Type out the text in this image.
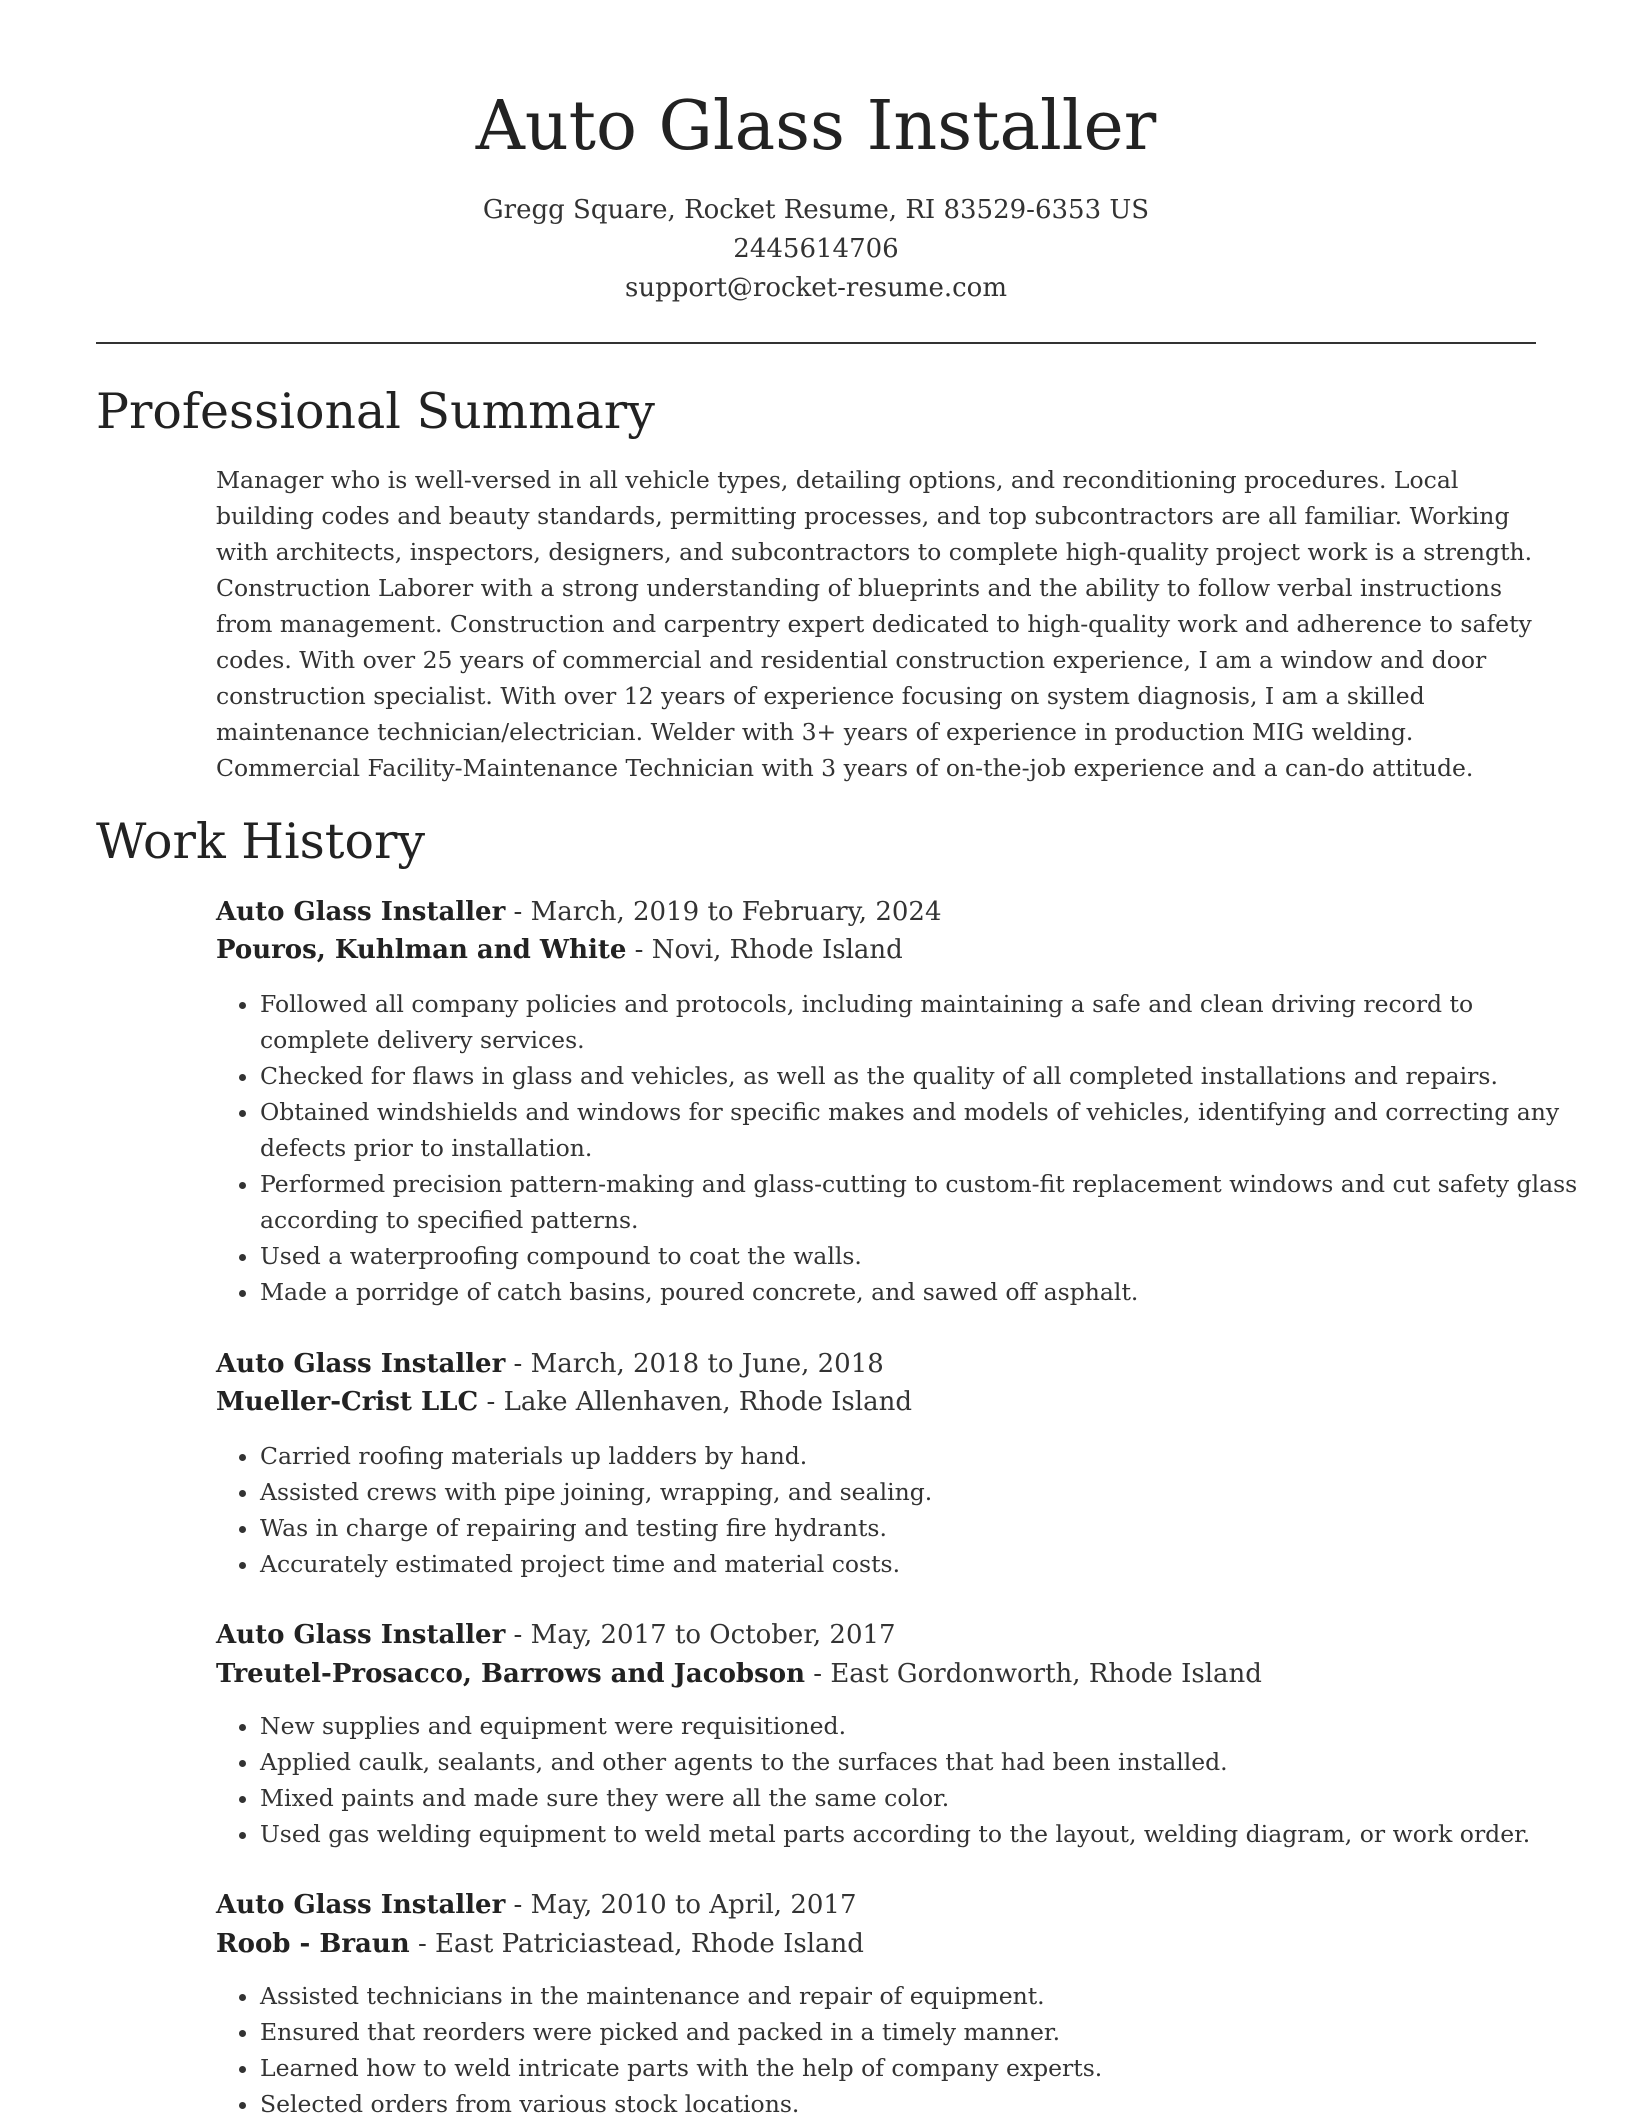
Auto Glass Installer
Gregg Square, Rocket Resume, RI 83529-6353 US
2445614706
support@rocket-resume.com
Professional Summary

Manager who is well-versed in all vehicle types, detailing options, and reconditioning procedures. Local building codes and beauty standards, permitting processes, and top subcontractors are all familiar. Working with architects, inspectors, designers, and subcontractors to complete high-quality project work is a strength. Construction Laborer with a strong understanding of blueprints and the ability to follow verbal instructions from management. Construction and carpentry expert dedicated to high-quality work and adherence to safety codes. With over 25 years of commercial and residential construction experience, I am a window and door construction specialist. With over 12 years of experience focusing on system diagnosis, I am a skilled maintenance technician/electrician. Welder with 3+ years of experience in production MIG welding. Commercial Facility-Maintenance Technician with 3 years of on-the-job experience and a can-do attitude.

Work History
Auto Glass Installer - March, 2019 to February, 2024
Pouros, Kuhlman and White - Novi, Rhode Island
• Followed all company policies and protocols, including maintaining a safe and clean driving record to complete delivery services.
• Checked for flaws in glass and vehicles, as well as the quality of all completed installations and repairs.
• Obtained windshields and windows for specific makes and models of vehicles, identifying and correcting any defects prior to installation.
• Performed precision pattern-making and glass-cutting to custom-fit replacement windows and cut safety glass according to specified patterns.
• Used a waterproofing compound to coat the walls.
• Made a porridge of catch basins, poured concrete, and sawed off asphalt.
Auto Glass Installer - March, 2018 to June, 2018
Mueller-Crist LLC - Lake Allenhaven, Rhode Island
• Carried roofing materials up ladders by hand.
• Assisted crews with pipe joining, wrapping, and sealing.
• Was in charge of repairing and testing fire hydrants.
• Accurately estimated project time and material costs.
Auto Glass Installer - May, 2017 to October, 2017
Treutel-Prosacco, Barrows and Jacobson - East Gordonworth, Rhode Island
• New supplies and equipment were requisitioned.
• Applied caulk, sealants, and other agents to the surfaces that had been installed.
• Mixed paints and made sure they were all the same color.
• Used gas welding equipment to weld metal parts according to the layout, welding diagram, or work order.
Auto Glass Installer - May, 2010 to April, 2017
Roob - Braun - East Patriciastead, Rhode Island
• Assisted technicians in the maintenance and repair of equipment.
• Ensured that reorders were picked and packed in a timely manner.
• Learned how to weld intricate parts with the help of company experts.
• Selected orders from various stock locations.
